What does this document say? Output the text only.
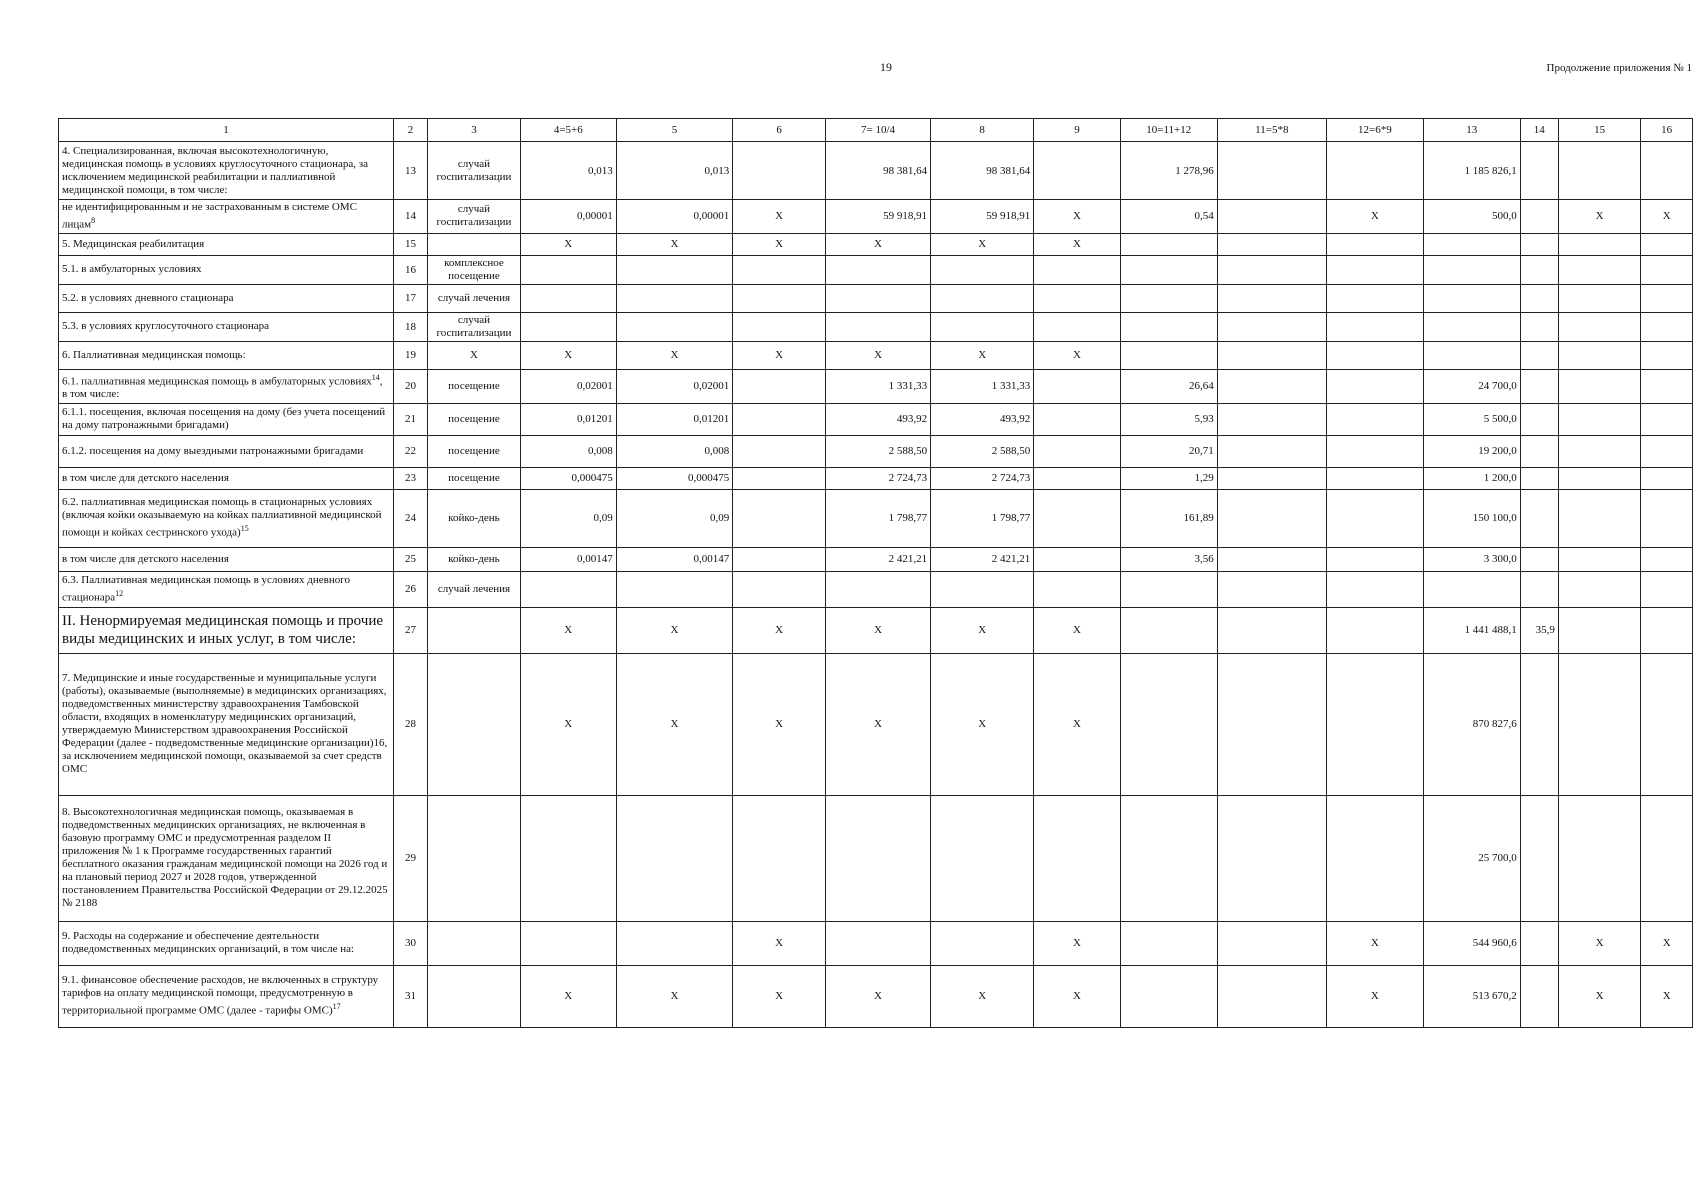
19	Продолжение приложения № 1
1	2	3	4=5+6	5	6	7= 10/4	8	9	10=11+12	11=5*8	12=6*9	13	14	15	16
4. Специализированная, включая высокотехнологичную, медицинская помощь в условиях круглосуточного стационара, за исключением медицинской реабилитации и паллиативной медицинской помощи, в том числе:	13	случай госпитализации	0,013	0,013		98 381,64	98 381,64		1 278,96			1 185 826,1			
не идентифицированным и не застрахованным в системе ОМС лицам$^8$	14	случай госпитализации	0,00001	0,00001	X	59 918,91	59 918,91	X	0,54		X	500,0		X	X
5. Медицинская реабилитация	15		X	X	X	X	X	X							
5.1. в амбулаторных условиях	16	комплексное посещение													
5.2. в условиях дневного стационара	17	случай лечения													
5.3. в условиях круглосуточного стационара	18	случай госпитализации													
6. Паллиативная медицинская помощь:	19	X	X	X	X	X	X	X							
6.1. паллиативная медицинская помощь в амбулаторных условиях$^{14}$, в том числе:	20	посещение	0,02001	0,02001		1 331,33	1 331,33		26,64			24 700,0			
6.1.1. посещения, включая посещения на дому (без учета посещений на дому патронажными бригадами)	21	посещение	0,01201	0,01201		493,92	493,92		5,93			5 500,0			
6.1.2. посещения на дому выездными патронажными бригадами	22	посещение	0,008	0,008		2 588,50	2 588,50		20,71			19 200,0			
в том числе для детского населения	23	посещение	0,000475	0,000475		2 724,73	2 724,73		1,29			1 200,0			
6.2. паллиативная медицинская помощь в стационарных условиях (включая койки оказываемую на койках паллиативной медицинской помощи и койках сестринского ухода)$^{15}$	24	койко-день	0,09	0,09		1 798,77	1 798,77		161,89			150 100,0			
в том числе для детского населения	25	койко-день	0,00147	0,00147		2 421,21	2 421,21		3,56			3 300,0			
6.3. Паллиативная медицинская помощь в условиях дневного стационара$^{12}$	26	случай лечения													
II. Ненормируемая медицинская помощь и прочие виды медицинских и иных услуг, в том числе:	27		X	X	X	X	X	X				1 441 488,1	35,9		
7. Медицинские и иные государственные и муниципальные услуги (работы), оказываемые (выполняемые) в медицинских организациях, подведомственных министерству здравоохранения Тамбовской области, входящих в номенклатуру медицинских организаций, утверждаемую Министерством здравоохранения Российской Федерации (далее - подведомственные медицинские организации)16, за исключением медицинской помощи, оказываемой за счет средств ОМС	28		X	X	X	X	X	X				870 827,6			
8. Высокотехнологичная медицинская помощь, оказываемая в подведомственных медицинских организациях, не включенная в базовую программу ОМС и предусмотренная разделом II приложения № 1 к Программе государственных гарантий бесплатного оказания гражданам медицинской помощи на 2026 год и на плановый период 2027 и 2028 годов, утвержденной постановлением Правительства Российской Федерации от 29.12.2025 № 2188	29											25 700,0			
9. Расходы на содержание и обеспечение деятельности подведомственных медицинских организаций, в том числе на:	30				X			X			X	544 960,6		X	X
9.1. финансовое обеспечение расходов, не включенных в структуру тарифов на оплату медицинской помощи, предусмотренную в территориальной программе ОМС (далее - тарифы ОМС)$^{17}$	31		X	X	X	X	X	X			X	513 670,2		X	X
